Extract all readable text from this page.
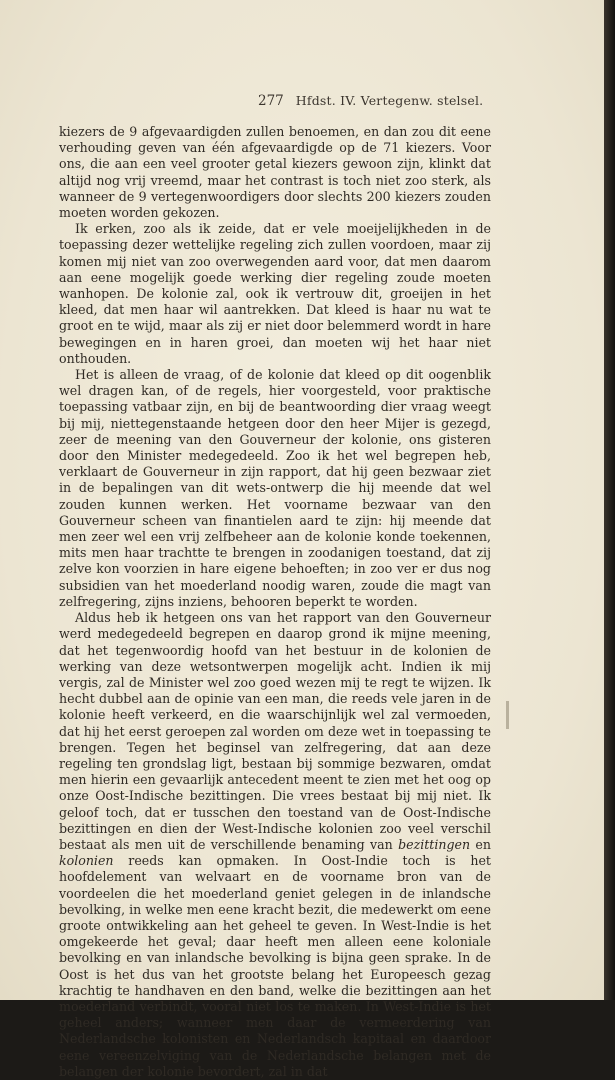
277 Hfdst. IV. Vertegenw. stelsel.

kiezers de 9 afgevaardigden zullen benoemen, en dan zou dit eene verhouding geven van één afgevaardigde op de 71 kiezers. Voor ons, die aan een veel grooter getal kiezers gewoon zijn, klinkt dat altijd nog vrij vreemd, maar het contrast is toch niet zoo sterk, als wanneer de 9 vertegenwoordigers door slechts 200 kiezers zouden moeten worden gekozen.

Ik erken, zoo als ik zeide, dat er vele moeijelijkheden in de toepassing dezer wettelijke regeling zich zullen voordoen, maar zij komen mij niet van zoo overwegenden aard voor, dat men daarom aan eene mogelijk goede werking dier regeling zoude moeten wanhopen. De kolonie zal, ook ik vertrouw dit, groeijen in het kleed, dat men haar wil aantrekken. Dat kleed is haar nu wat te groot en te wijd, maar als zij er niet door belemmerd wordt in hare bewegingen en in haren groei, dan moeten wij het haar niet onthouden.

Het is alleen de vraag, of de kolonie dat kleed op dit oogenblik wel dragen kan, of de regels, hier voorgesteld, voor praktische toepassing vatbaar zijn, en bij de beantwoording dier vraag weegt bij mij, niettegenstaande hetgeen door den heer Mijer is gezegd, zeer de meening van den Gouverneur der kolonie, ons gisteren door den Minister medegedeeld. Zoo ik het wel begrepen heb, verklaart de Gouverneur in zijn rapport, dat hij geen bezwaar ziet in de bepalingen van dit wets-ontwerp die hij meende dat wel zouden kunnen werken. Het voorname bezwaar van den Gouverneur scheen van finantielen aard te zijn: hij meende dat men zeer wel een vrij zelfbeheer aan de kolonie konde toekennen, mits men haar trachtte te brengen in zoodanigen toestand, dat zij zelve kon voorzien in hare eigene behoeften; in zoo ver er dus nog subsidien van het moederland noodig waren, zoude die magt van zelfregering, zijns inziens, behooren beperkt te worden.

Aldus heb ik hetgeen ons van het rapport van den Gouverneur werd medegedeeld begrepen en daarop grond ik mijne meening, dat het tegenwoordig hoofd van het bestuur in de kolonien de werking van deze wetsontwerpen mogelijk acht. Indien ik mij vergis, zal de Minister wel zoo goed wezen mij te regt te wijzen. Ik hecht dubbel aan de opinie van een man, die reeds vele jaren in de kolonie heeft verkeerd, en die waarschijnlijk wel zal vermoeden, dat hij het eerst geroepen zal worden om deze wet in toepassing te brengen. Tegen het beginsel van zelfregering, dat aan deze regeling ten grondslag ligt, bestaan bij sommige bezwaren, omdat men hierin een gevaarlijk antecedent meent te zien met het oog op onze Oost-Indische bezittingen. Die vrees bestaat bij mij niet. Ik geloof toch, dat er tusschen den toestand van de Oost-Indische bezittingen en dien der West-Indische kolonien zoo veel verschil bestaat als men uit de verschillende benaming van bezittingen en kolonien reeds kan opmaken. In Oost-Indie toch is het hoofdelement van welvaart en de voorname bron van de voordeelen die het moederland geniet gelegen in de inlandsche bevolking, in welke men eene kracht bezit, die medewerkt om eene groote ontwikkeling aan het geheel te geven. In West-Indie is het omgekeerde het geval; daar heeft men alleen eene koloniale bevolking en van inlandsche bevolking is bijna geen sprake. In de Oost is het dus van het grootste belang het Europeesch gezag krachtig te handhaven en den band, welke die bezittingen aan het moederland verbindt, vooral niet los te maken. In West-Indie is het geheel anders; wanneer men daar de vermeerdering van Nederlandsche kolonisten en Nederlandsch kapitaal en daardoor eene vereenzelviging van de Nederlandsche belangen met de belangen der kolonie bevordert, zal in dat
